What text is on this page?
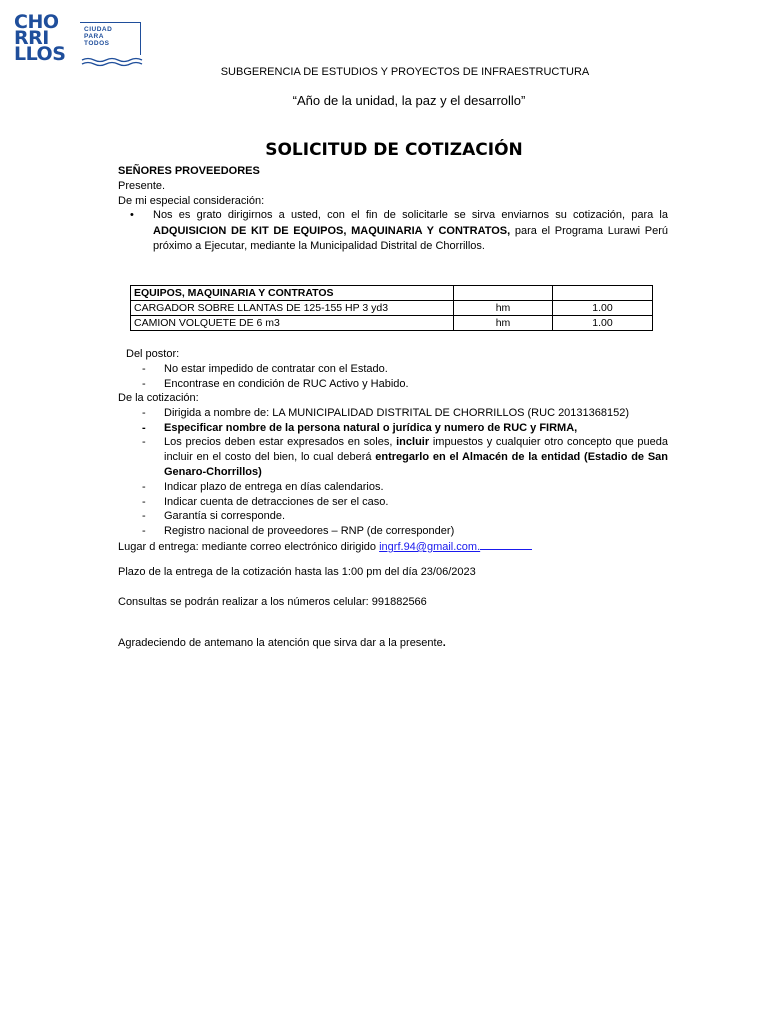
CHO
RRI
LLOS
CIUDAD
PARA
TODOS
SUBGERENCIA DE ESTUDIOS Y PROYECTOS DE INFRAESTRUCTURA
“Año de la unidad, la paz y el desarrollo”
SOLICITUD DE COTIZACIÓN
SEÑORES PROVEEDORES
Presente.
De mi especial consideración:
• Nos es grato dirigirnos a usted, con el fin de solicitarle se sirva enviarnos su cotización, para la ADQUISICION DE KIT DE EQUIPOS, MAQUINARIA Y CONTRATOS, para el Programa Lurawi Perú próximo a Ejecutar, mediante la Municipalidad Distrital de Chorrillos.
EQUIPOS, MAQUINARIA Y CONTRATOS		
CARGADOR SOBRE LLANTAS DE 125-155 HP 3 yd3	hm	1.00
CAMION VOLQUETE DE 6 m3	hm	1.00
Del postor:
- No estar impedido de contratar con el Estado.
- Encontrase en condición de RUC Activo y Habido.
De la cotización:
- Dirigida a nombre de: LA MUNICIPALIDAD DISTRITAL DE CHORRILLOS (RUC 20131368152)
- Especificar nombre de la persona natural o jurídica y numero de RUC y FIRMA,
- Los precios deben estar expresados en soles, incluir impuestos y cualquier otro concepto que pueda incluir en el costo del bien, lo cual deberá entregarlo en el Almacén de la entidad (Estadio de San Genaro-Chorrillos)
- Indicar plazo de entrega en días calendarios.
- Indicar cuenta de detracciones de ser el caso.
- Garantía si corresponde.
- Registro nacional de proveedores – RNP (de corresponder)
Lugar d entrega: mediante correo electrónico dirigido ingrf.94@gmail.com.
Plazo de la entrega de la cotización hasta las 1:00 pm del día 23/06/2023
Consultas se podrán realizar a los números celular: 991882566
Agradeciendo de antemano la atención que sirva dar a la presente.
